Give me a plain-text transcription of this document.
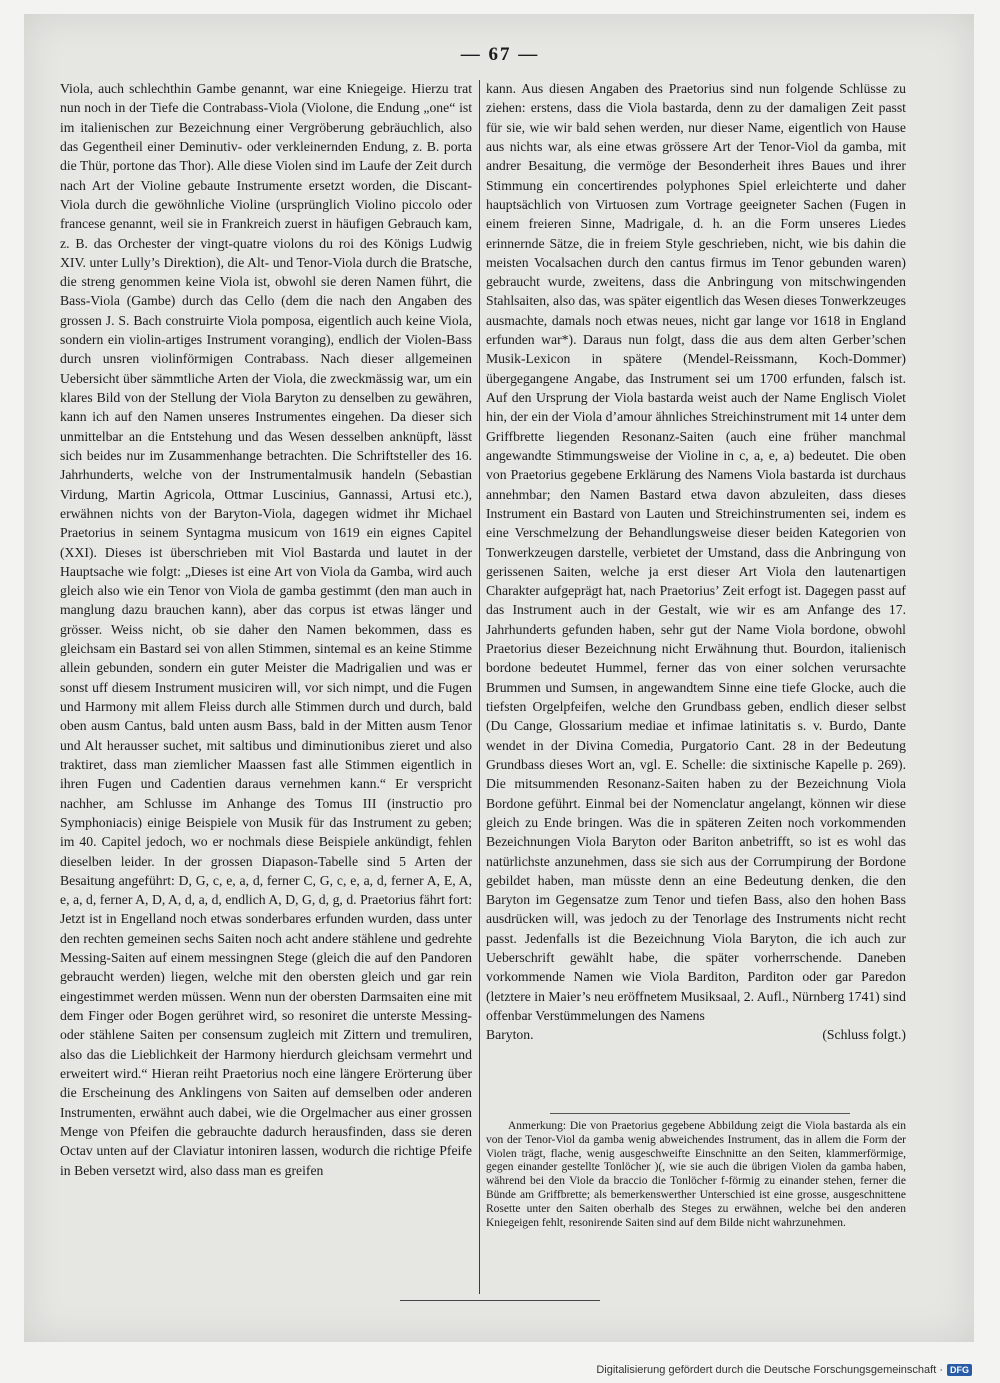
— 67 —

Viola, auch schlechthin Gambe genannt, war eine Kniegeige. Hierzu trat nun noch in der Tiefe die Contrabass-Viola (Violone, die Endung „one“ ist im italienischen zur Bezeichnung einer Vergröberung gebräuchlich, also das Gegentheil einer Deminutiv- oder verkleinernden Endung, z. B. porta die Thür, portone das Thor). Alle diese Violen sind im Laufe der Zeit durch nach Art der Violine gebaute Instrumente ersetzt worden, die Discant-Viola durch die gewöhnliche Violine (ursprünglich Violino piccolo oder francese genannt, weil sie in Frankreich zuerst in häufigen Gebrauch kam, z. B. das Orchester der vingt-quatre violons du roi des Königs Ludwig XIV. unter Lully’s Direktion), die Alt- und Tenor-Viola durch die Bratsche, die streng genommen keine Viola ist, obwohl sie deren Namen führt, die Bass-Viola (Gambe) durch das Cello (dem die nach den Angaben des grossen J. S. Bach construirte Viola pomposa, eigentlich auch keine Viola, sondern ein violin-artiges Instrument voranging), endlich der Violen-Bass durch unsren violinförmigen Contrabass. Nach dieser allgemeinen Uebersicht über sämmtliche Arten der Viola, die zweckmässig war, um ein klares Bild von der Stellung der Viola Baryton zu denselben zu gewähren, kann ich auf den Namen unseres Instrumentes eingehen. Da dieser sich unmittelbar an die Entstehung und das Wesen desselben anknüpft, lässt sich beides nur im Zusammenhange betrachten. Die Schriftsteller des 16. Jahrhunderts, welche von der Instrumentalmusik handeln (Sebastian Virdung, Martin Agricola, Ottmar Luscinius, Gannassi, Artusi etc.), erwähnen nichts von der Baryton-Viola, dagegen widmet ihr Michael Praetorius in seinem Syntagma musicum von 1619 ein eignes Capitel (XXI). Dieses ist überschrieben mit Viol Bastarda und lautet in der Hauptsache wie folgt: „Dieses ist eine Art von Viola da Gamba, wird auch gleich also wie ein Tenor von Viola de gamba gestimmt (den man auch in manglung dazu brauchen kann), aber das corpus ist etwas länger und grösser. Weiss nicht, ob sie daher den Namen bekommen, dass es gleichsam ein Bastard sei von allen Stimmen, sintemal es an keine Stimme allein gebunden, sondern ein guter Meister die Madrigalien und was er sonst uff diesem Instrument musiciren will, vor sich nimpt, und die Fugen und Harmony mit allem Fleiss durch alle Stimmen durch und durch, bald oben ausm Cantus, bald unten ausm Bass, bald in der Mitten ausm Tenor und Alt herausser suchet, mit saltibus und diminutionibus zieret und also traktiret, dass man ziemlicher Maassen fast alle Stimmen eigentlich in ihren Fugen und Cadentien daraus vernehmen kann.“ Er verspricht nachher, am Schlusse im Anhange des Tomus III (instructio pro Symphoniacis) einige Beispiele von Musik für das Instrument zu geben; im 40. Capitel jedoch, wo er nochmals diese Beispiele ankündigt, fehlen dieselben leider. In der grossen Diapason-Tabelle sind 5 Arten der Besaitung angeführt: D, G, c, e, a, d, ferner C, G, c, e, a, d, ferner A, E, A, e, a, d, ferner A, D, A, d, a, d, endlich A, D, G, d, g, d. Praetorius fährt fort: Jetzt ist in Engelland noch etwas sonderbares erfunden wurden, dass unter den rechten gemeinen sechs Saiten noch acht andere stählene und gedrehte Messing-Saiten auf einem messingnen Stege (gleich die auf den Pandoren gebraucht werden) liegen, welche mit den obersten gleich und gar rein eingestimmet werden müssen. Wenn nun der obersten Darmsaiten eine mit dem Finger oder Bogen gerühret wird, so resoniret die unterste Messing- oder stählene Saiten per consensum zugleich mit Zittern und tremuliren, also das die Lieblichkeit der Harmony hierdurch gleichsam vermehrt und erweitert wird.“ Hieran reiht Praetorius noch eine längere Erörterung über die Erscheinung des Anklingens von Saiten auf demselben oder anderen Instrumenten, erwähnt auch dabei, wie die Orgelmacher aus einer grossen Menge von Pfeifen die gebrauchte dadurch herausfinden, dass sie deren Octav unten auf der Claviatur intoniren lassen, wodurch die richtige Pfeife in Beben versetzt wird, also dass man es greifen

kann. Aus diesen Angaben des Praetorius sind nun folgende Schlüsse zu ziehen: erstens, dass die Viola bastarda, denn zu der damaligen Zeit passt für sie, wie wir bald sehen werden, nur dieser Name, eigentlich von Hause aus nichts war, als eine etwas grössere Art der Tenor-Viol da gamba, mit andrer Besaitung, die vermöge der Besonderheit ihres Baues und ihrer Stimmung ein concertirendes polyphones Spiel erleichterte und daher hauptsächlich von Virtuosen zum Vortrage geeigneter Sachen (Fugen in einem freieren Sinne, Madrigale, d. h. an die Form unseres Liedes erinnernde Sätze, die in freiem Style geschrieben, nicht, wie bis dahin die meisten Vocalsachen durch den cantus firmus im Tenor gebunden waren) gebraucht wurde, zweitens, dass die Anbringung von mitschwingenden Stahlsaiten, also das, was später eigentlich das Wesen dieses Tonwerkzeuges ausmachte, damals noch etwas neues, nicht gar lange vor 1618 in England erfunden war*). Daraus nun folgt, dass die aus dem alten Gerber’schen Musik-Lexicon in spätere (Mendel-Reissmann, Koch-Dommer) übergegangene Angabe, das Instrument sei um 1700 erfunden, falsch ist. Auf den Ursprung der Viola bastarda weist auch der Name Englisch Violet hin, der ein der Viola d’amour ähnliches Streichinstrument mit 14 unter dem Griffbrette liegenden Resonanz-Saiten (auch eine früher manchmal angewandte Stimmungsweise der Violine in c, a, e, a) bedeutet. Die oben von Praetorius gegebene Erklärung des Namens Viola bastarda ist durchaus annehmbar; den Namen Bastard etwa davon abzuleiten, dass dieses Instrument ein Bastard von Lauten und Streichinstrumenten sei, indem es eine Verschmelzung der Behandlungsweise dieser beiden Kategorien von Tonwerkzeugen darstelle, verbietet der Umstand, dass die Anbringung von gerissenen Saiten, welche ja erst dieser Art Viola den lautenartigen Charakter aufgeprägt hat, nach Praetorius’ Zeit erfogt ist. Dagegen passt auf das Instrument auch in der Gestalt, wie wir es am Anfange des 17. Jahrhunderts gefunden haben, sehr gut der Name Viola bordone, obwohl Praetorius dieser Bezeichnung nicht Erwähnung thut. Bourdon, italienisch bordone bedeutet Hummel, ferner das von einer solchen verursachte Brummen und Sumsen, in angewandtem Sinne eine tiefe Glocke, auch die tiefsten Orgelpfeifen, welche den Grundbass geben, endlich dieser selbst (Du Cange, Glossarium mediae et infimae latinitatis s. v. Burdo, Dante wendet in der Divina Comedia, Purgatorio Cant. 28 in der Bedeutung Grundbass dieses Wort an, vgl. E. Schelle: die sixtinische Kapelle p. 269). Die mitsummenden Resonanz-Saiten haben zu der Bezeichnung Viola Bordone geführt. Einmal bei der Nomenclatur angelangt, können wir diese gleich zu Ende bringen. Was die in späteren Zeiten noch vorkommenden Bezeichnungen Viola Baryton oder Bariton anbetrifft, so ist es wohl das natürlichste anzunehmen, dass sie sich aus der Corrumpirung der Bordone gebildet haben, man müsste denn an eine Bedeutung denken, die den Baryton im Gegensatze zum Tenor und tiefen Bass, also den hohen Bass ausdrücken will, was jedoch zu der Tenorlage des Instruments nicht recht passt. Jedenfalls ist die Bezeichnung Viola Baryton, die ich auch zur Ueberschrift gewählt habe, die später vorherrschende. Daneben vorkommende Namen wie Viola Barditon, Parditon oder gar Paredon (letztere in Maier’s neu eröffnetem Musiksaal, 2. Aufl., Nürnberg 1741) sind offenbar Verstümmelungen des Namens

Baryton.	(Schluss folgt.)

Anmerkung: Die von Praetorius gegebene Abbildung zeigt die Viola bastarda als ein von der Tenor-Viol da gamba wenig abweichendes Instrument, das in allem die Form der Violen trägt, flache, wenig ausgeschweifte Einschnitte an den Seiten, klammerförmige, gegen einander gestellte Tonlöcher )(, wie sie auch die übrigen Violen da gamba haben, während bei den Viole da braccio die Tonlöcher f-förmig zu einander stehen, ferner die Bünde am Griffbrette; als bemerkenswerther Unterschied ist eine grosse, ausgeschnittene Rosette unter den Saiten oberhalb des Steges zu erwähnen, welche bei den anderen Kniegeigen fehlt, resonirende Saiten sind auf dem Bilde nicht wahrzunehmen.

Digitalisierung gefördert durch die Deutsche Forschungsgemeinschaft · DFG
